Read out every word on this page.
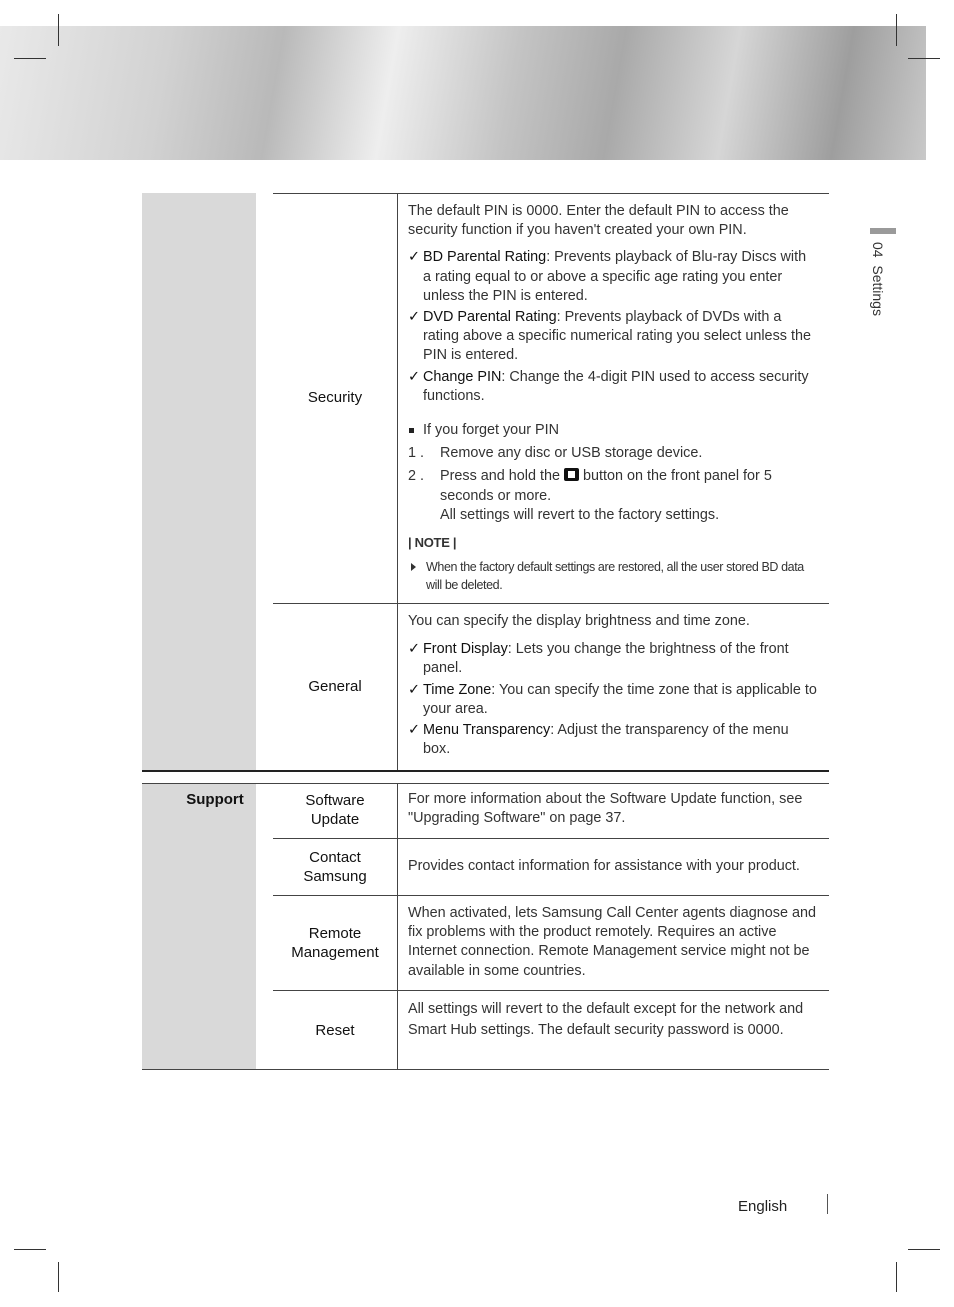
04  Settings
Security

The default PIN is 0000. Enter the default PIN to access the security function if you haven't created your own PIN.

✓ BD Parental Rating: Prevents playback of Blu-ray Discs with a rating equal to or above a specific age rating you enter unless the PIN is entered.

✓ DVD Parental Rating: Prevents playback of DVDs with a rating above a specific numerical rating you select unless the PIN is entered.

✓ Change PIN: Change the 4-digit PIN used to access security functions.

If you forget your PIN

1 . Remove any disc or USB storage device.

2 . Press and hold the button on the front panel for 5 seconds or more.
All settings will revert to the factory settings.

| NOTE |

When the factory default settings are restored, all the user stored BD data will be deleted.

General

You can specify the display brightness and time zone.

✓ Front Display: Lets you change the brightness of the front panel.

✓ Time Zone: You can specify the time zone that is applicable to your area.

✓ Menu Transparency: Adjust the transparency of the menu box.

Support	Software Update
For more information about the Software Update function, see "Upgrading Software" on page 37.
Contact Samsung
Provides contact information for assistance with your product.
Remote Management
When activated, lets Samsung Call Center agents diagnose and fix problems with the product remotely. Requires an active Internet connection. Remote Management service might not be available in some countries.
Reset
All settings will revert to the default except for the network and Smart Hub settings. The default security password is 0000.
English
